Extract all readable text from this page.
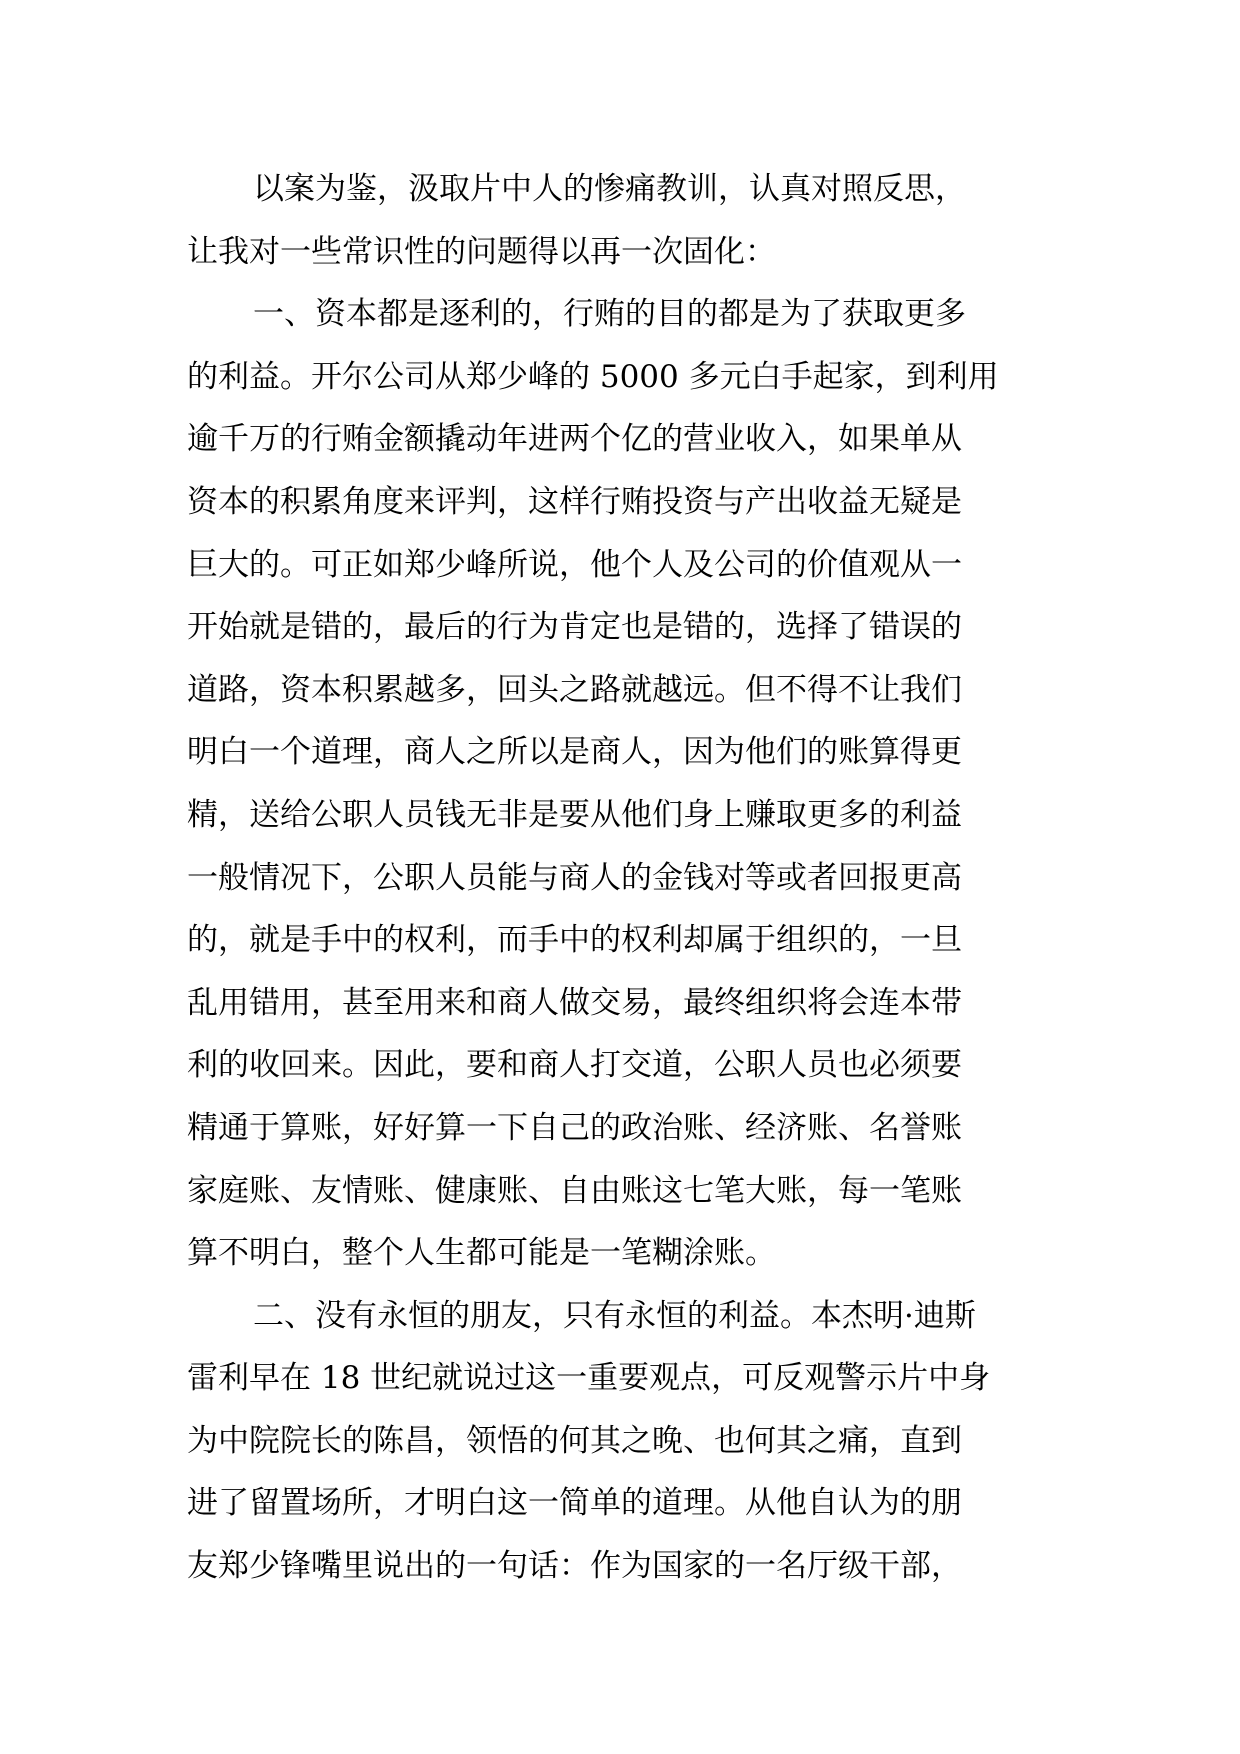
以案为鉴，汲取片中人的惨痛教训，认真对照反思，
让我对一些常识性的问题得以再一次固化：
一、资本都是逐利的，行贿的目的都是为了获取更多
的利益。开尔公司从郑少峰的 5000 多元白手起家，到利用
逾千万的行贿金额撬动年进两个亿的营业收入，如果单从
资本的积累角度来评判，这样行贿投资与产出收益无疑是
巨大的。可正如郑少峰所说，他个人及公司的价值观从一
开始就是错的，最后的行为肯定也是错的，选择了错误的
道路，资本积累越多，回头之路就越远。但不得不让我们
明白一个道理，商人之所以是商人，因为他们的账算得更
精，送给公职人员钱无非是要从他们身上赚取更多的利益
一般情况下，公职人员能与商人的金钱对等或者回报更高
的，就是手中的权利，而手中的权利却属于组织的，一旦
乱用错用，甚至用来和商人做交易，最终组织将会连本带
利的收回来。因此，要和商人打交道，公职人员也必须要
精通于算账，好好算一下自己的政治账、经济账、名誉账
家庭账、友情账、健康账、自由账这七笔大账，每一笔账
算不明白，整个人生都可能是一笔糊涂账。
二、没有永恒的朋友，只有永恒的利益。本杰明·迪斯
雷利早在 18 世纪就说过这一重要观点，可反观警示片中身
为中院院长的陈昌，领悟的何其之晚、也何其之痛，直到
进了留置场所，才明白这一简单的道理。从他自认为的朋
友郑少锋嘴里说出的一句话：作为国家的一名厅级干部，
